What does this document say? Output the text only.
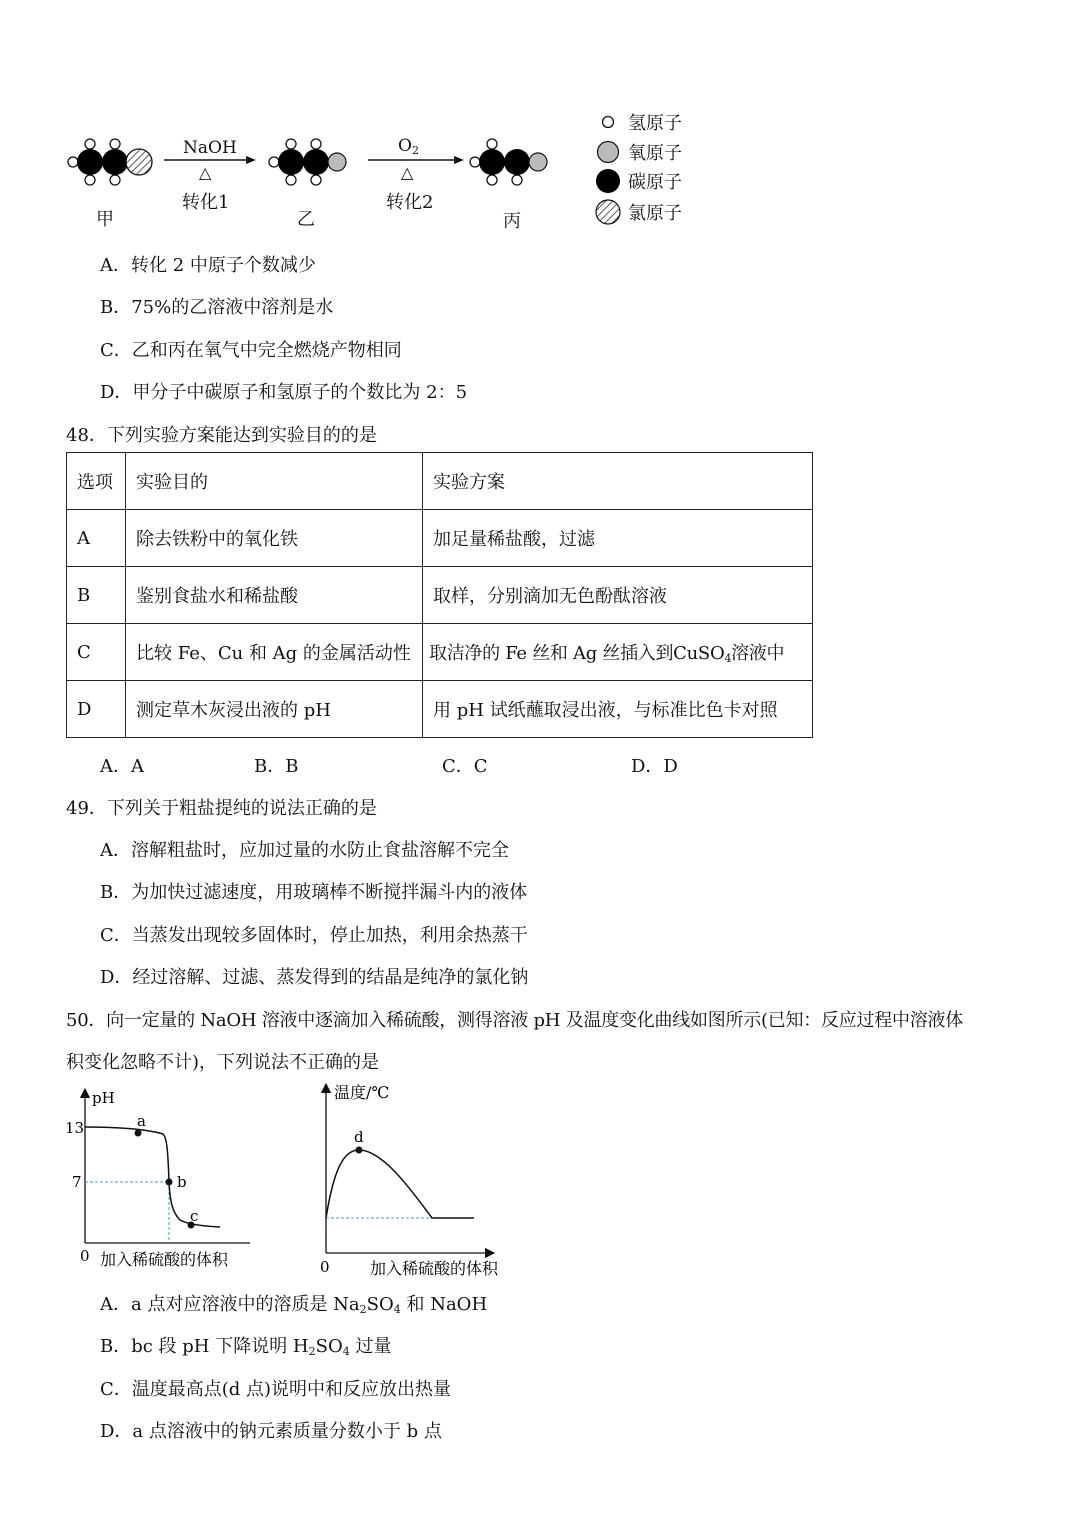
NaOH
△
转化1
$O_2$
△
转化2
甲	乙	丙
氢原子
氧原子
碳原子
氯原子
A．转化 2 中原子个数减少
B．75%的乙溶液中溶剂是水
C．乙和丙在氧气中完全燃烧产物相同
D．甲分子中碳原子和氢原子的个数比为 2：5
48．下列实验方案能达到实验目的的是
选项	实验目的	实验方案
A	除去铁粉中的氧化铁	加足量稀盐酸，过滤
B	鉴别食盐水和稀盐酸	取样，分别滴加无色酚酞溶液
C	比较 Fe、Cu 和 Ag 的金属活动性	取洁净的 Fe 丝和 Ag 丝插入到CuSO$_4$溶液中
D	测定草木灰浸出液的 pH	用 pH 试纸蘸取浸出液，与标准比色卡对照
A．A	B．B	C．C	D．D
49．下列关于粗盐提纯的说法正确的是
A．溶解粗盐时，应加过量的水防止食盐溶解不完全
B．为加快过滤速度，用玻璃棒不断搅拌漏斗内的液体
C．当蒸发出现较多固体时，停止加热，利用余热蒸干
D．经过溶解、过滤、蒸发得到的结晶是纯净的氯化钠
50．向一定量的 NaOH 溶液中逐滴加入稀硫酸，测得溶液 pH 及温度变化曲线如图所示(已知：反应过程中溶液体
积变化忽略不计)，下列说法不正确的是
a
b
c
pH
13
7
0 加入稀硫酸的体积
d
温度/℃
0	加入稀硫酸的体积
A．a 点对应溶液中的溶质是 $Na_2SO_4$ 和 NaOH
B．bc 段 pH 下降说明 $H_2SO_4$ 过量
C．温度最高点(d 点)说明中和反应放出热量
D．a 点溶液中的钠元素质量分数小于 b 点
